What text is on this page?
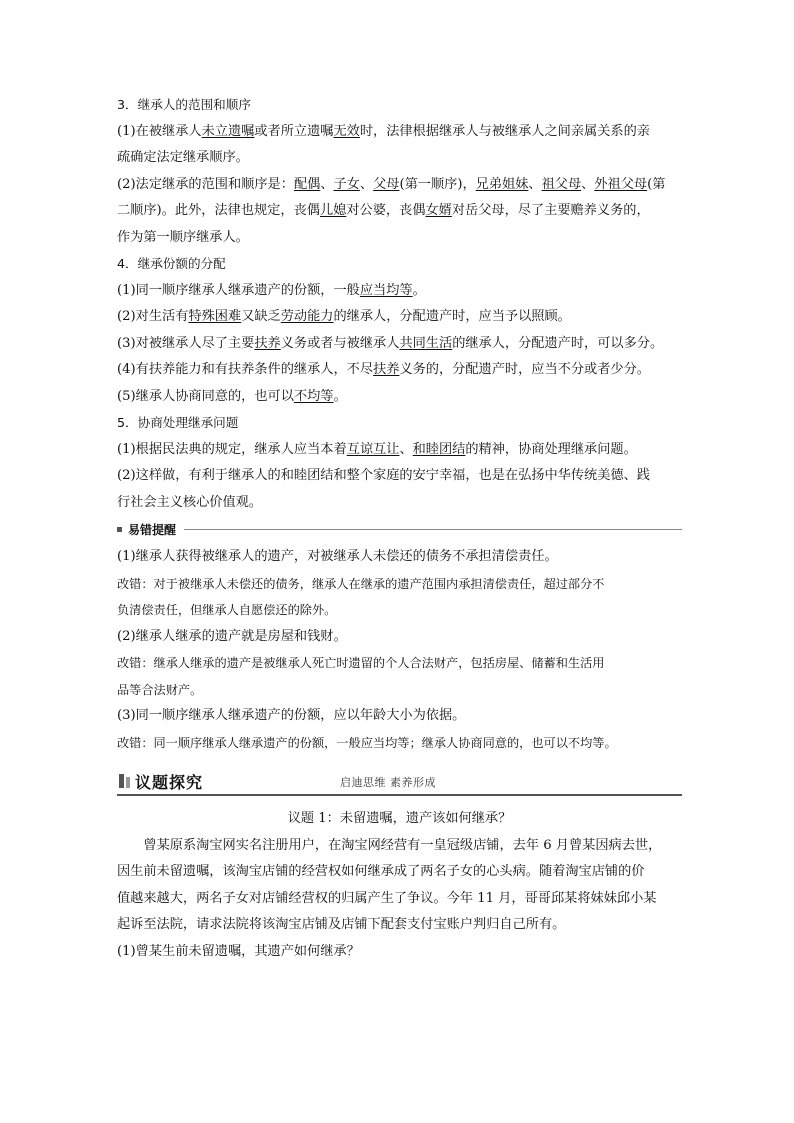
3．继承人的范围和顺序
(1)在被继承人未立遗嘱或者所立遗嘱无效时，法律根据继承人与被继承人之间亲属关系的亲
疏确定法定继承顺序。
(2)法定继承的范围和顺序是：配偶、子女、父母(第一顺序)，兄弟姐妹、祖父母、外祖父母(第
二顺序)。此外，法律也规定，丧偶儿媳对公婆，丧偶女婿对岳父母，尽了主要赡养义务的，
作为第一顺序继承人。
4．继承份额的分配
(1)同一顺序继承人继承遗产的份额，一般应当均等。
(2)对生活有特殊困难又缺乏劳动能力的继承人，分配遗产时，应当予以照顾。
(3)对被继承人尽了主要扶养义务或者与被继承人共同生活的继承人，分配遗产时，可以多分。
(4)有扶养能力和有扶养条件的继承人，不尽扶养义务的，分配遗产时，应当不分或者少分。
(5)继承人协商同意的，也可以不均等。
5．协商处理继承问题
(1)根据民法典的规定，继承人应当本着互谅互让、和睦团结的精神，协商处理继承问题。
(2)这样做，有利于继承人的和睦团结和整个家庭的安宁幸福，也是在弘扬中华传统美德、践
行社会主义核心价值观。
易错提醒
(1)继承人获得被继承人的遗产，对被继承人未偿还的债务不承担清偿责任。
改错：对于被继承人未偿还的债务，继承人在继承的遗产范围内承担清偿责任，超过部分不
负清偿责任，但继承人自愿偿还的除外。
(2)继承人继承的遗产就是房屋和钱财。
改错：继承人继承的遗产是被继承人死亡时遗留的个人合法财产，包括房屋、储蓄和生活用
品等合法财产。
(3)同一顺序继承人继承遗产的份额，应以年龄大小为依据。
改错：同一顺序继承人继承遗产的份额，一般应当均等；继承人协商同意的，也可以不均等。
议题探究	启迪思维 素养形成
议题 1：未留遗嘱，遗产该如何继承？
曾某原系淘宝网实名注册用户，在淘宝网经营有一皇冠级店铺，去年 6 月曾某因病去世，
因生前未留遗嘱，该淘宝店铺的经营权如何继承成了两名子女的心头病。随着淘宝店铺的价
值越来越大，两名子女对店铺经营权的归属产生了争议。今年 11 月，哥哥邱某将妹妹邱小某
起诉至法院，请求法院将该淘宝店铺及店铺下配套支付宝账户判归自己所有。
(1)曾某生前未留遗嘱，其遗产如何继承？
